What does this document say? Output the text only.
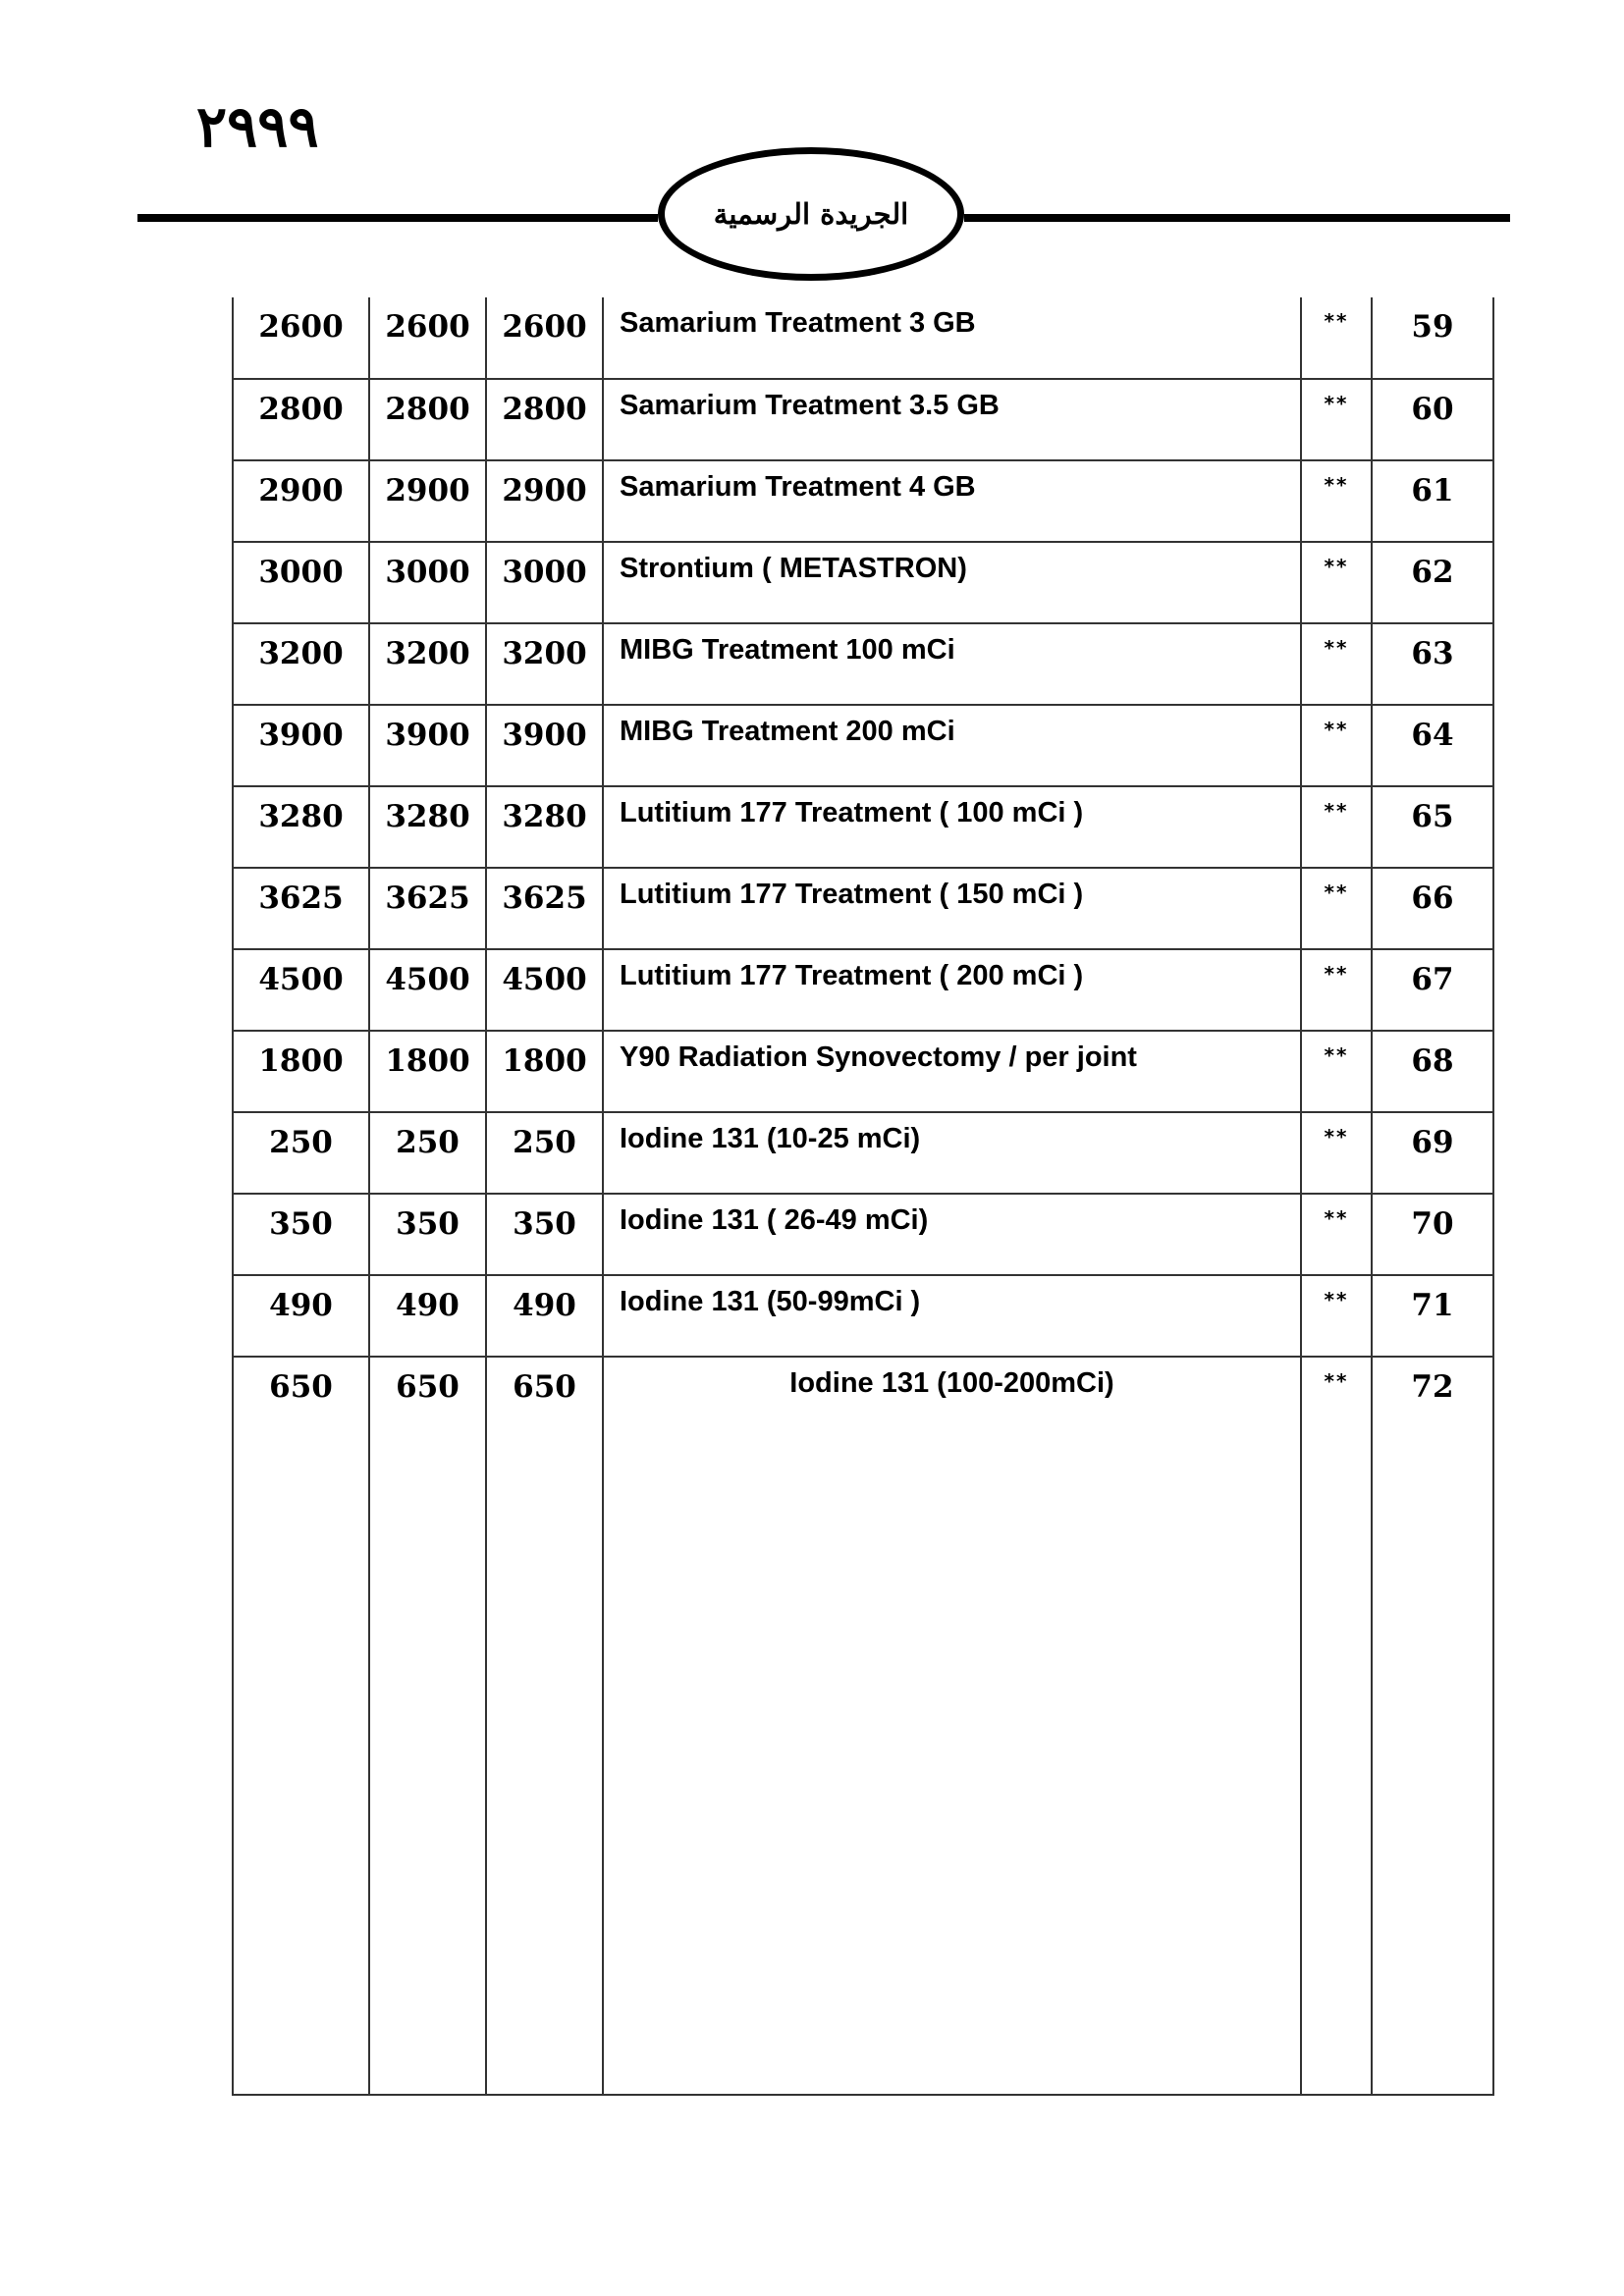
٢٩٩٩
الجريدة الرسمية
2600	2600	2600	Samarium Treatment 3 GB	**	59
2800	2800	2800	Samarium Treatment 3.5 GB	**	60
2900	2900	2900	Samarium Treatment 4 GB	**	61
3000	3000	3000	Strontium ( METASTRON)	**	62
3200	3200	3200	MIBG Treatment 100 mCi	**	63
3900	3900	3900	MIBG Treatment 200 mCi	**	64
3280	3280	3280	Lutitium 177 Treatment ( 100 mCi )	**	65
3625	3625	3625	Lutitium 177 Treatment ( 150 mCi )	**	66
4500	4500	4500	Lutitium 177 Treatment ( 200 mCi )	**	67
1800	1800	1800	Y90 Radiation Synovectomy / per joint	**	68
250	250	250	Iodine 131 (10-25 mCi)	**	69
350	350	350	Iodine 131 ( 26-49 mCi)	**	70
490	490	490	Iodine 131 (50-99mCi )	**	71
650	650	650	Iodine 131 (100-200mCi)	**	72
